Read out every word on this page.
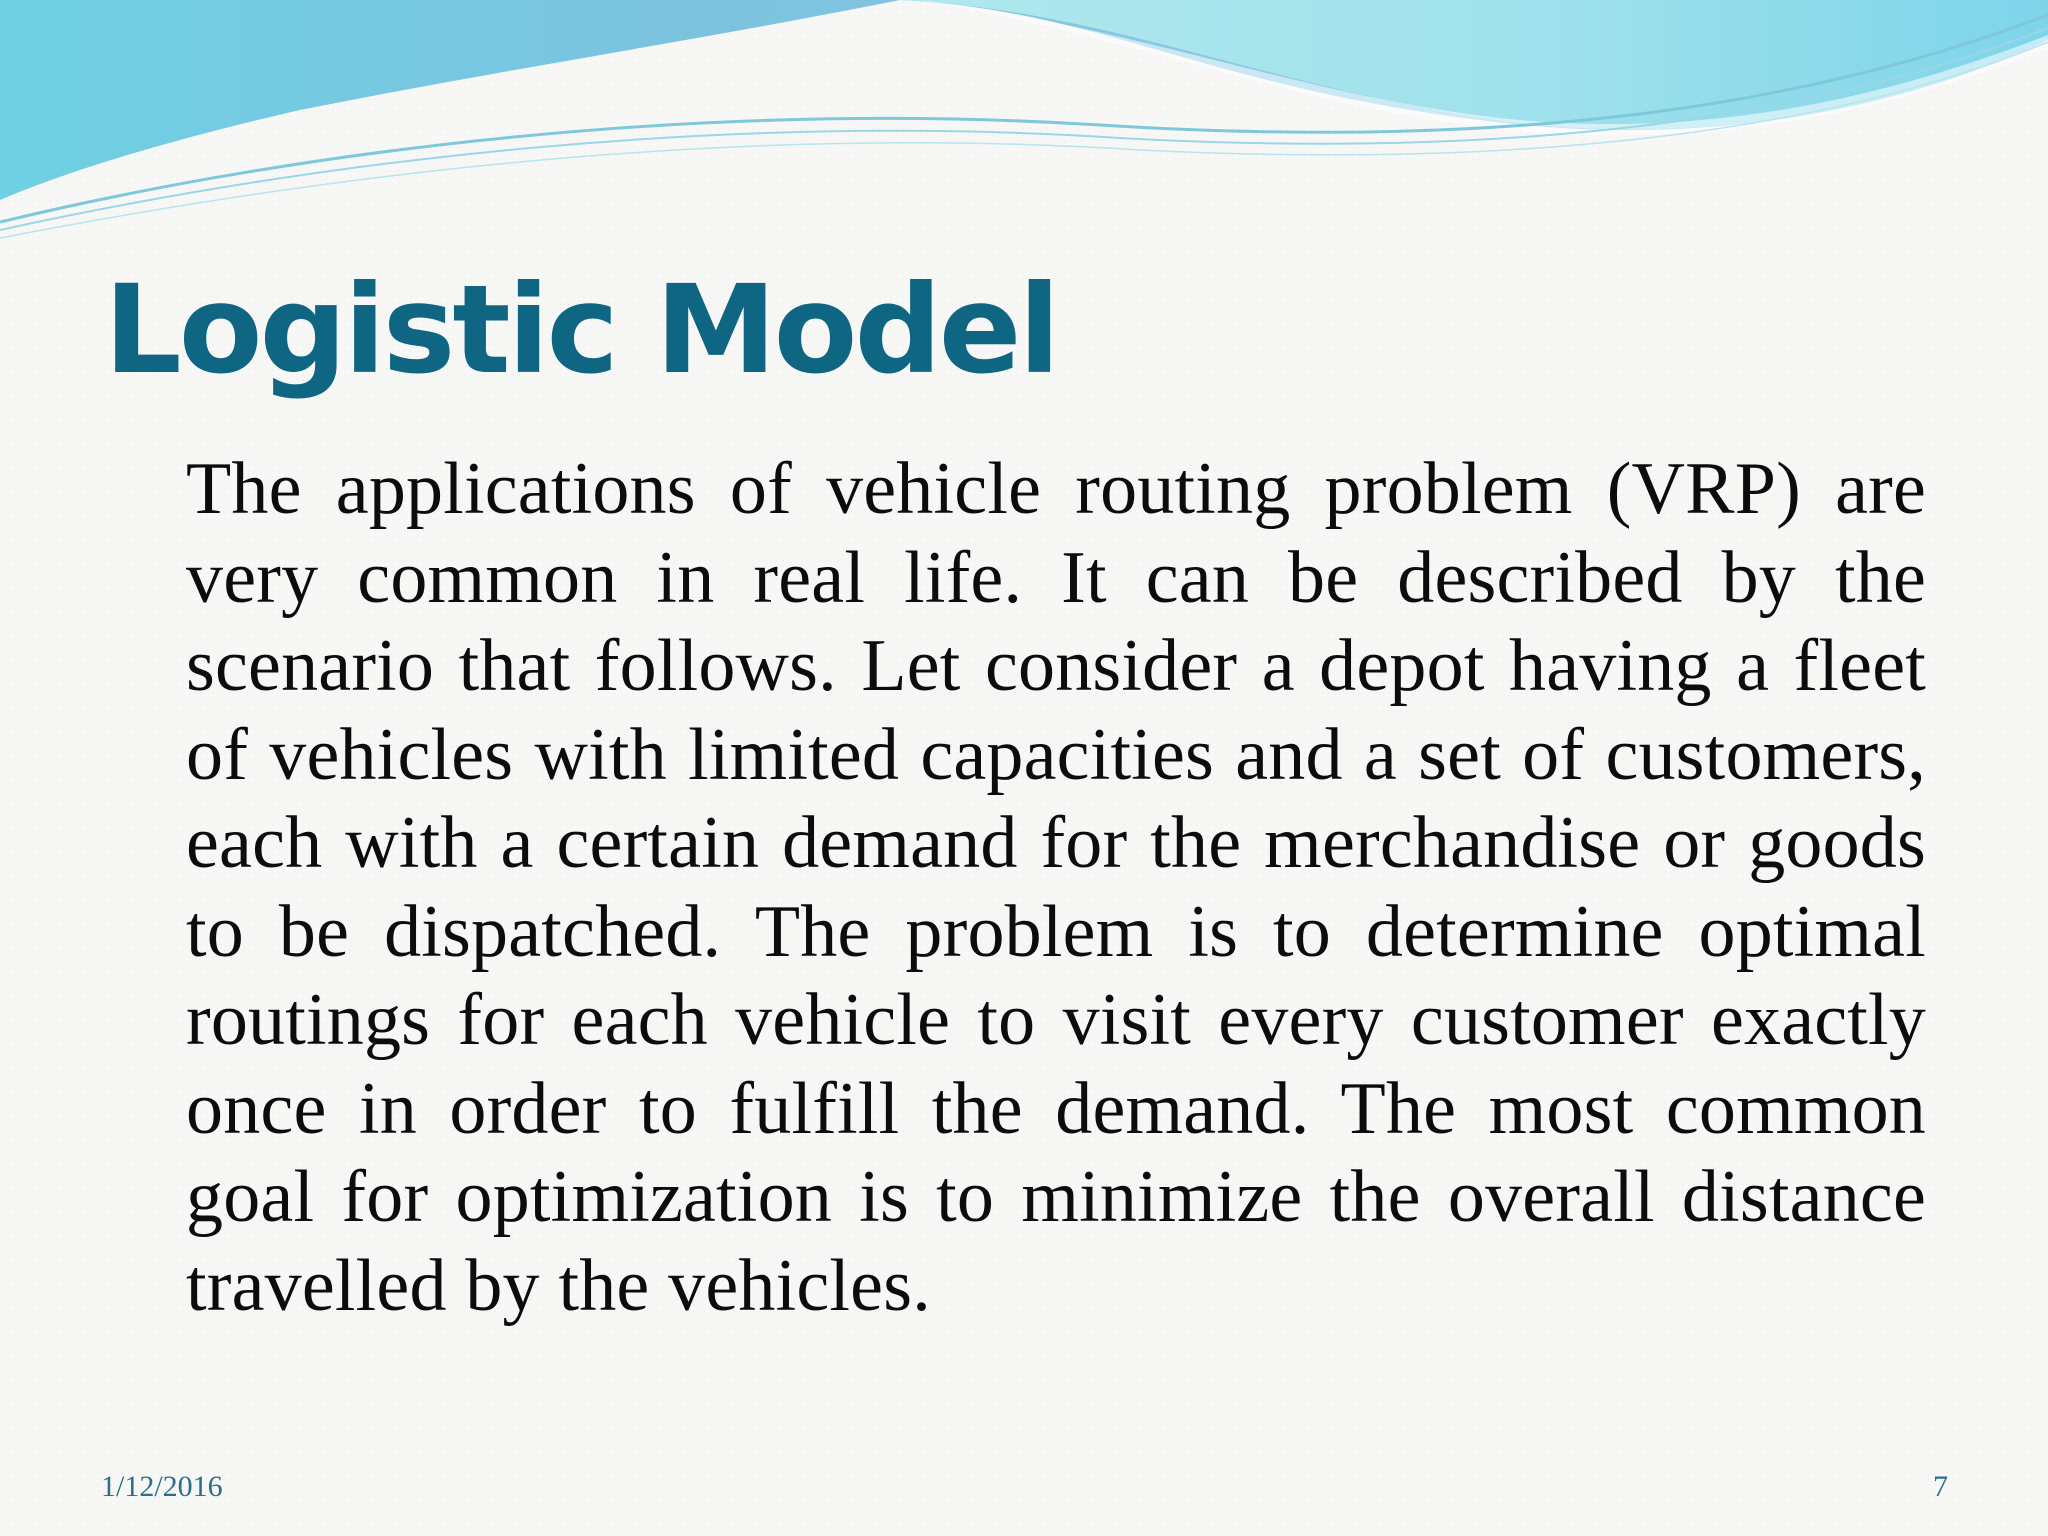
Logistic Model

The applications of vehicle routing problem (VRP) are very common in real life. It can be described by the scenario that follows. Let consider a depot having a fleet of vehicles with limited capacities and a set of customers, each with a certain demand for the merchandise or goods to be dispatched. The problem is to determine optimal routings for each vehicle to visit every customer exactly once in order to fulfill the demand. The most common goal for optimization is to minimize the overall distance travelled by the vehicles.

1/12/2016	7
